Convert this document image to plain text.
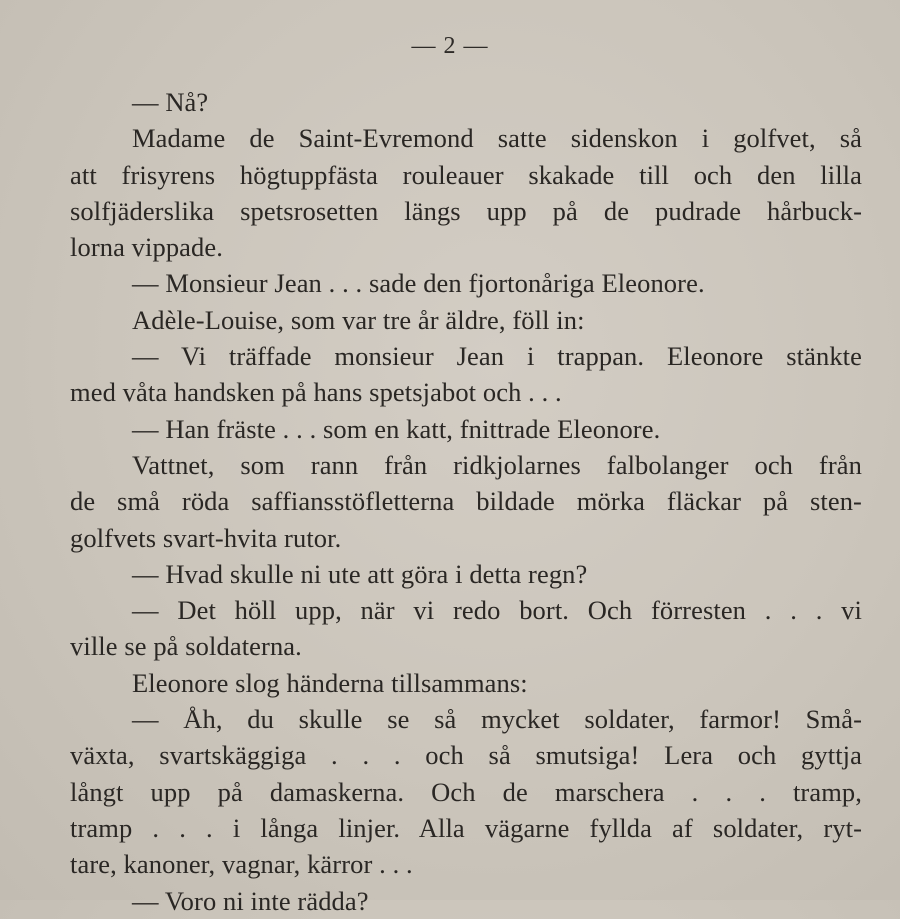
— 2 —
— Nå?
Madame de Saint-Evremond satte sidenskon i golfvet, så
att frisyrens högtuppfästa rouleauer skakade till och den lilla
solfjäderslika spetsrosetten längs upp på de pudrade hårbuck-
lorna vippade.
— Monsieur Jean . . . sade den fjortonåriga Eleonore.
Adèle-Louise, som var tre år äldre, föll in:
— Vi träffade monsieur Jean i trappan. Eleonore stänkte
med våta handsken på hans spetsjabot och . . .
— Han fräste . . . som en katt, fnittrade Eleonore.
Vattnet, som rann från ridkjolarnes falbolanger och från
de små röda saffiansstöfletterna bildade mörka fläckar på sten-
golfvets svart-hvita rutor.
— Hvad skulle ni ute att göra i detta regn?
— Det höll upp, när vi redo bort. Och förresten . . . vi
ville se på soldaterna.
Eleonore slog händerna tillsammans:
— Åh, du skulle se så mycket soldater, farmor! Små-
växta, svartskäggiga . . . och så smutsiga! Lera och gyttja
långt upp på damaskerna. Och de marschera . . . tramp,
tramp . . . i långa linjer. Alla vägarne fyllda af soldater, ryt-
tare, kanoner, vagnar, kärror . . .
— Voro ni inte rädda?
